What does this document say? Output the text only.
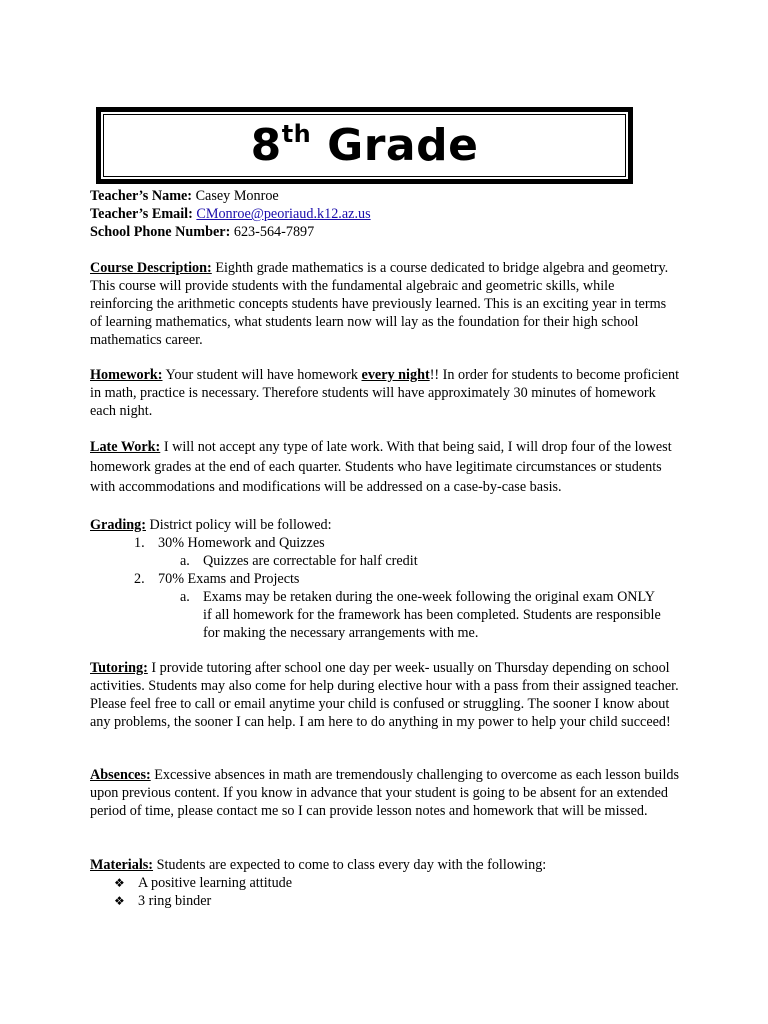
8th Grade

Teacher’s Name: Casey Monroe

Teacher’s Email: CMonroe@peoriaud.k12.az.us

School Phone Number: 623-564-7897

Course Description: Eighth grade mathematics is a course dedicated to bridge algebra and geometry. This course will provide students with the fundamental algebraic and geometric skills, while reinforcing the arithmetic concepts students have previously learned. This is an exciting year in terms of learning mathematics, what students learn now will lay as the foundation for their high school mathematics career.

Homework: Your student will have homework every night!! In order for students to become proficient in math, practice is necessary. Therefore students will have approximately 30 minutes of homework each night.

Late Work: I will not accept any type of late work. With that being said, I will drop four of the lowest homework grades at the end of each quarter. Students who have legitimate circumstances or students with accommodations and modifications will be addressed on a case-by-case basis.

Grading: District policy will be followed:

1. 30% Homework and Quizzes
a. Quizzes are correctable for half credit
2. 70% Exams and Projects
a. Exams may be retaken during the one-week following the original exam ONLY if all homework for the framework has been completed. Students are responsible for making the necessary arrangements with me.

Tutoring: I provide tutoring after school one day per week- usually on Thursday depending on school activities. Students may also come for help during elective hour with a pass from their assigned teacher. Please feel free to call or email anytime your child is confused or struggling. The sooner I know about any problems, the sooner I can help. I am here to do anything in my power to help your child succeed!

Absences: Excessive absences in math are tremendously challenging to overcome as each lesson builds upon previous content. If you know in advance that your student is going to be absent for an extended period of time, please contact me so I can provide lesson notes and homework that will be missed.

Materials: Students are expected to come to class every day with the following:

❖ A positive learning attitude
❖ 3 ring binder
